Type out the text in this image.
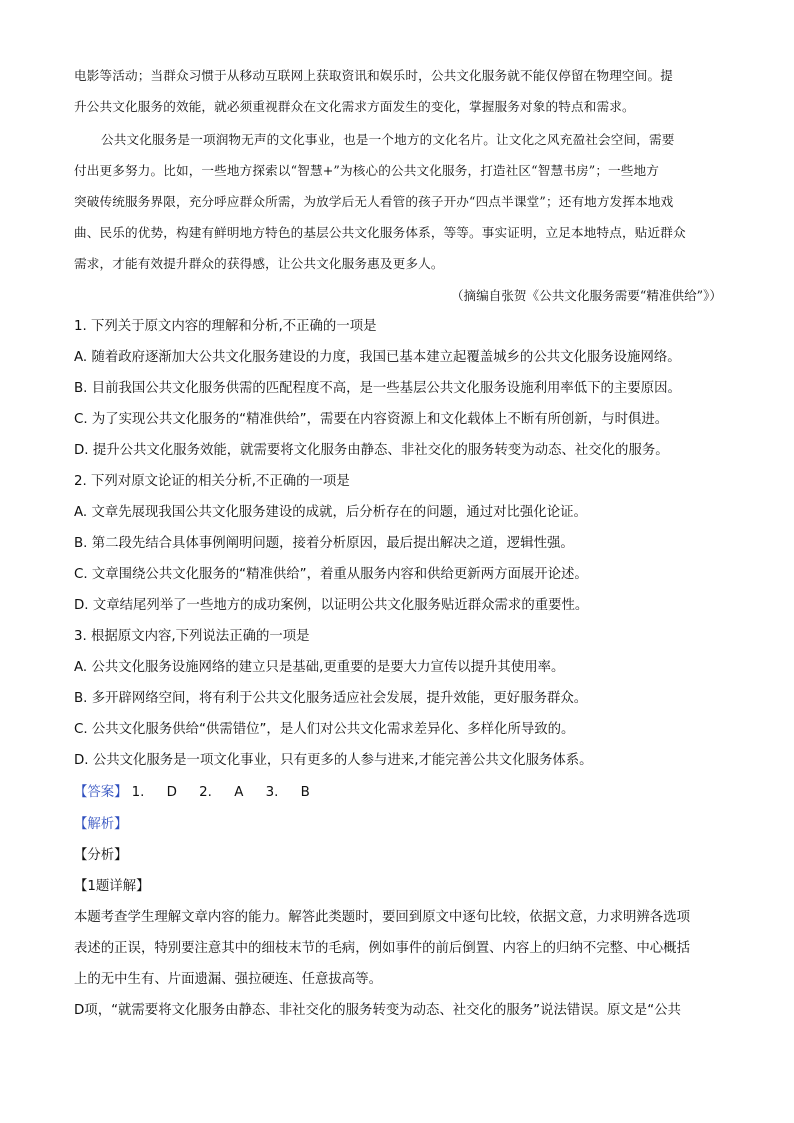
电影等活动；当群众习惯于从移动互联网上获取资讯和娱乐时，公共文化服务就不能仅停留在物理空间。提
升公共文化服务的效能，就必须重视群众在文化需求方面发生的变化，掌握服务对象的特点和需求。
公共文化服务是一项润物无声的文化事业，也是一个地方的文化名片。让文化之风充盈社会空间，需要
付出更多努力。比如，一些地方探索以“智慧+”为核心的公共文化服务，打造社区“智慧书房”；一些地方
突破传统服务界限，充分呼应群众所需，为放学后无人看管的孩子开办“四点半课堂”；还有地方发挥本地戏
曲、民乐的优势，构建有鲜明地方特色的基层公共文化服务体系，等等。事实证明，立足本地特点，贴近群众
需求，才能有效提升群众的获得感，让公共文化服务惠及更多人。
（摘编自张贺《公共文化服务需要“精准供给”》）
1. 下列关于原文内容的理解和分析,不正确的一项是
A. 随着政府逐渐加大公共文化服务建设的力度，我国已基本建立起覆盖城乡的公共文化服务设施网络。
B. 目前我国公共文化服务供需的匹配程度不高，是一些基层公共文化服务设施利用率低下的主要原因。
C. 为了实现公共文化服务的“精准供给”，需要在内容资源上和文化载体上不断有所创新，与时俱进。
D. 提升公共文化服务效能，就需要将文化服务由静态、非社交化的服务转变为动态、社交化的服务。
2. 下列对原文论证的相关分析,不正确的一项是
A. 文章先展现我国公共文化服务建设的成就，后分析存在的问题，通过对比强化论证。
B. 第二段先结合具体事例阐明问题，接着分析原因，最后提出解决之道，逻辑性强。
C. 文章围绕公共文化服务的“精准供给”，着重从服务内容和供给更新两方面展开论述。
D. 文章结尾列举了一些地方的成功案例，以证明公共文化服务贴近群众需求的重要性。
3. 根据原文内容,下列说法正确的一项是
A. 公共文化服务设施网络的建立只是基础,更重要的是要大力宣传以提升其使用率。
B. 多开辟网络空间，将有利于公共文化服务适应社会发展，提升效能，更好服务群众。
C. 公共文化服务供给“供需错位”，是人们对公共文化需求差异化、多样化所导致的。
D. 公共文化服务是一项文化事业，只有更多的人参与进来,才能完善公共文化服务体系。
【答案】 1. D 2. A 3. B
【解析】
【分析】
【1题详解】
本题考查学生理解文章内容的能力。解答此类题时，要回到原文中逐句比较，依据文意，力求明辨各选项
表述的正误，特别要注意其中的细枝末节的毛病，例如事件的前后倒置、内容上的归纳不完整、中心概括
上的无中生有、片面遗漏、强拉硬连、任意拔高等。
D项，“就需要将文化服务由静态、非社交化的服务转变为动态、社交化的服务”说法错误。原文是“公共
